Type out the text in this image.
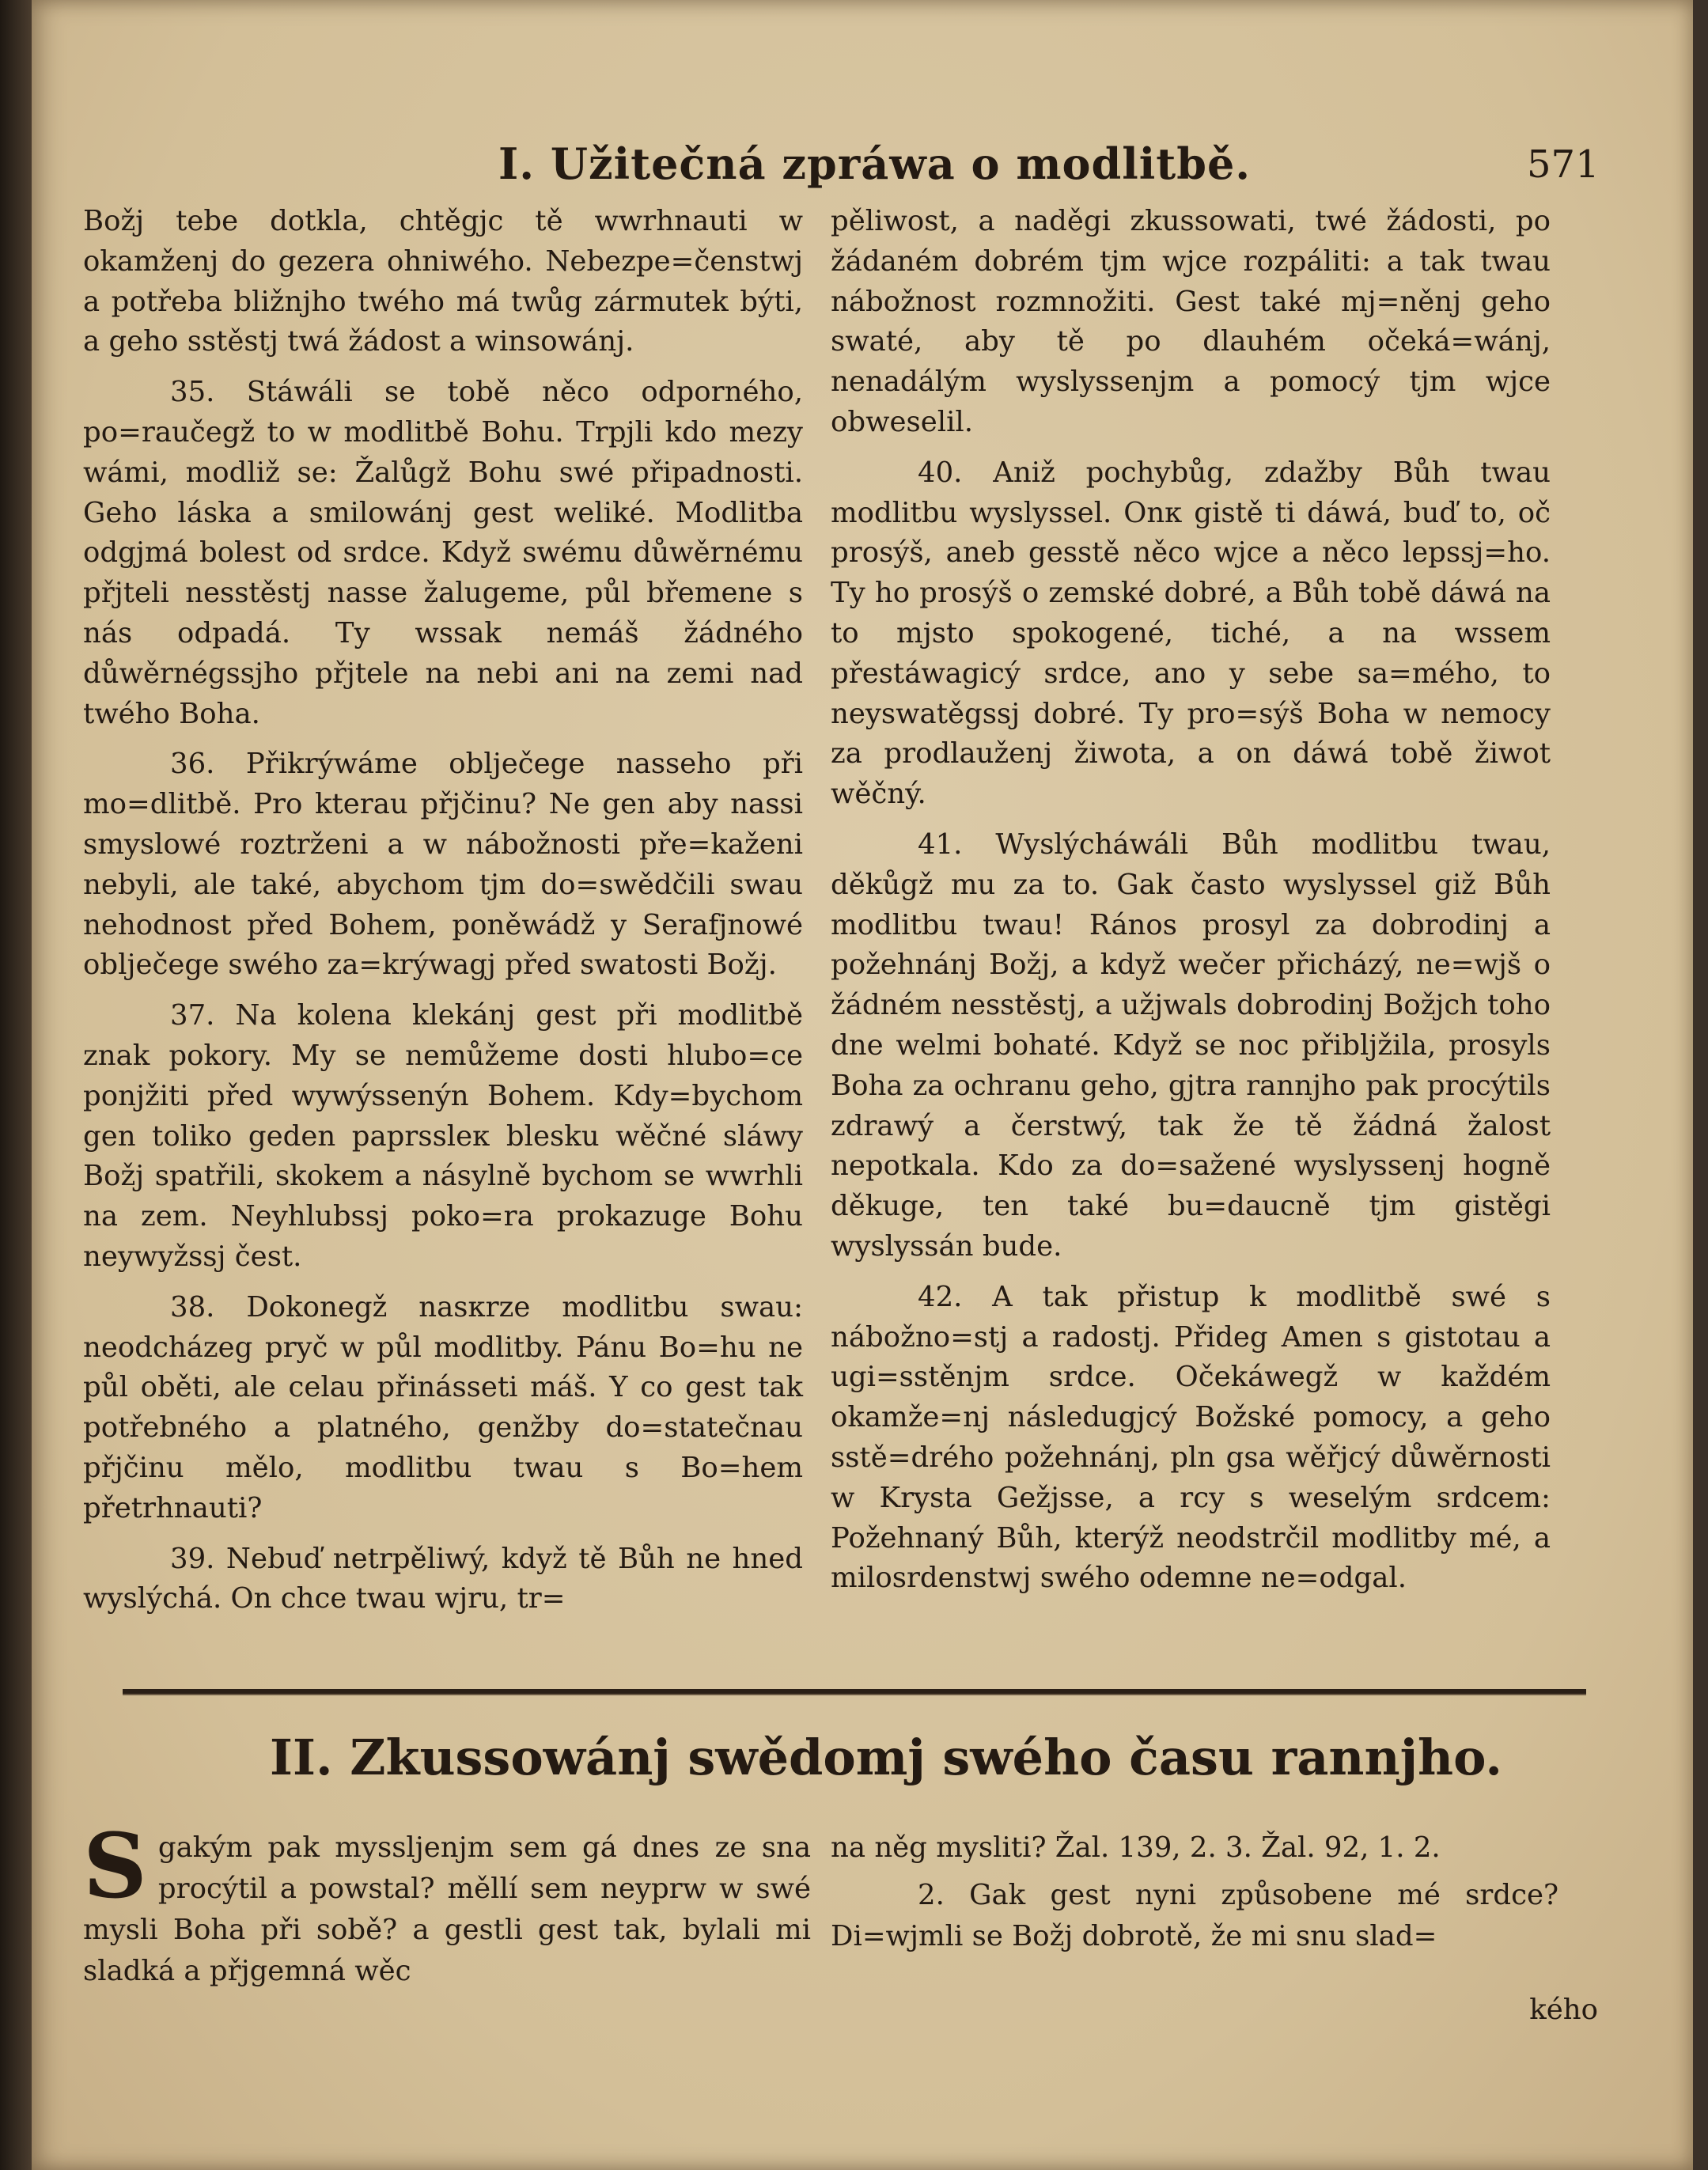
I. Užitečná zpráwa o modlitbě.	571

Božj tebe dotkla, chtěgjc tě wwrhnauti w okamženj do gezera ohniwého. Nebezpe=čenstwj a potřeba bližnjho twého má twůg zármutek býti, a geho sstěstj twá žádost a winsowánj.

35. Stáwáli se tobě něco odporného, po=raučegž to w modlitbě Bohu. Trpjli kdo mezy wámi, modliž se: Žalůgž Bohu swé připadnosti. Geho láska a smilowánj gest weliké. Modlitba odgjmá bolest od srdce. Když swému důwěrnému přjteli nesstěstj nasse žalugeme, půl břemene s nás odpadá. Ty wssak nemáš žádného důwěrnégssjho přjtele na nebi ani na zemi nad twého Boha.

36. Přikrýwáme oblječege nasseho při mo=dlitbě. Pro kterau přjčinu? Ne gen aby nassi smyslowé roztrženi a w nábožnosti pře=kaženi nebyli, ale také, abychom tjm do=swědčili swau nehodnost před Bohem, poněwádž y Serafjnowé oblječege swého za=krýwagj před swatosti Božj.

37. Na kolena klekánj gest při modlitbě znak pokory. My se nemůžeme dosti hlubo=ce ponjžiti před wywýssenýn Bohem. Kdy=bychom gen toliko geden paprssleк blesku wěčné sláwy Božj spatřili, skokem a násylně bychom se wwrhli na zem. Neyhlubssj poko=ra prokazuge Bohu neywyžssj čest.

38. Dokonegž nasкrze modlitbu swau: neodcházeg pryč w půl modlitby. Pánu Bo=hu ne půl oběti, ale celau přinásseti máš. Y co gest tak potřebného a platného, genžby do=statečnau přjčinu mělo, modlitbu twau s Bo=hem přetrhnauti?

39. Nebuď netrpěliwý, když tě Bůh ne hned wyslýchá. On chce twau wjru, tr=

pěliwost, a naděgi zkussowati, twé žádosti, po žádaném dobrém tjm wjce rozpáliti: a tak twau nábožnost rozmnožiti. Gest také mj=něnj geho swaté, aby tě po dlauhém očeká=wánj, nenadálým wyslyssenjm a pomocý tjm wjce obweselil.

40. Aniž pochybůg, zdažby Bůh twau modlitbu wyslyssel. Onк gistě ti dáwá, buď to, oč prosýš, aneb gesstě něco wjce a něco lepssj=ho. Ty ho prosýš o zemské dobré, a Bůh tobě dáwá na to mjsto spokogené, tiché, a na wssem přestáwagicý srdce, ano y sebe sa=mého, to neyswatěgssj dobré. Ty pro=sýš Boha w nemocy za prodlauženj žiwota, a on dáwá tobě žiwot wěčný.

41. Wyslýcháwáli Bůh modlitbu twau, děkůgž mu za to. Gak často wyslyssel giž Bůh modlitbu twau! Ránоs prosyl za dobrodinj a požehnánj Božj, a když wečer přicházý, ne=wjš o žádném nesstěstj, a užjwals dobrodinj Božjch toho dne welmi bohaté. Když se noc přiblјžila, prosyls Boha za ochranu geho, gjtra rannjho pak procýtils zdrawý a čerstwý, tak že tě žádná žalost nepotkala. Kdo za do=sažené wyslyssenj hogně děkuge, ten také bu=daucně tjm gistěgi wyslyssán bude.

42. A tak přistup k modlitbě swé s nábožno=stj a radostj. Přidеg Amen s gistotau a ugi=sstěnjm srdce. Očekáwegž w každém okamže=nj následugjcý Božské pomocy, a geho sstě=drého požehnánj, pln gsa wěřjcý důwěrnosti w Krysta Gežjsse, a rcy s weselým srdcem: Požehnaný Bůh, kterýž neodstrčil modlitby mé, a milosrdenstwj swého odemne ne=odgal.

II. Zkussowánj swědomj swého času rannjho.

S gakým pak myssljenjm sem gá dnes ze sna procýtil a powstal? měllí sem neyprw w swé mysli Boha při sobě? a gestli gest tak, bylali mi sladká a přjgemná wěc

na něg mysliti? Žal. 139, 2. 3. Žal. 92, 1. 2.

2. Gak gest nyni způsobene mé srdce? Di=wjmli se Božj dobrotě, že mi snu slad=

kého
